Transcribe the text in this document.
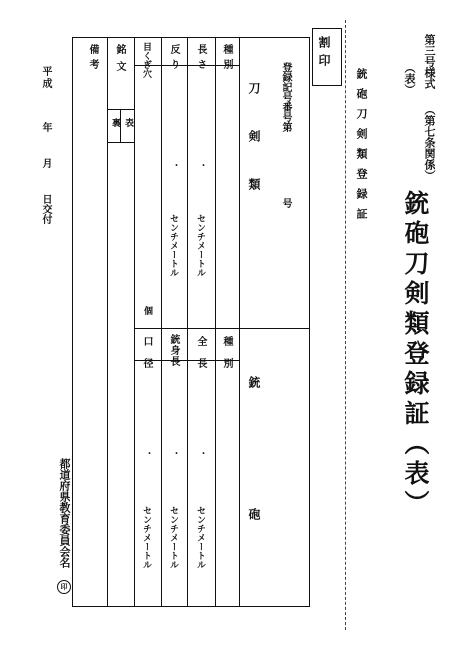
第三号様式
（表）
（第七条関係）
銃砲刀剣類登録証（表）
割印
銃砲刀剣類登録証
登録記号番号第
号
刀剣類
銃砲
種別
長さ
反り
目くぎ穴
銘文
備考
表
裏
・
センチメートル
・
センチメートル
個
種別
全長
銃身長
口径
・
センチメートル
・
センチメートル
・
センチメートル
平成
年
月
日交付
都道府県教育委員会名
印
